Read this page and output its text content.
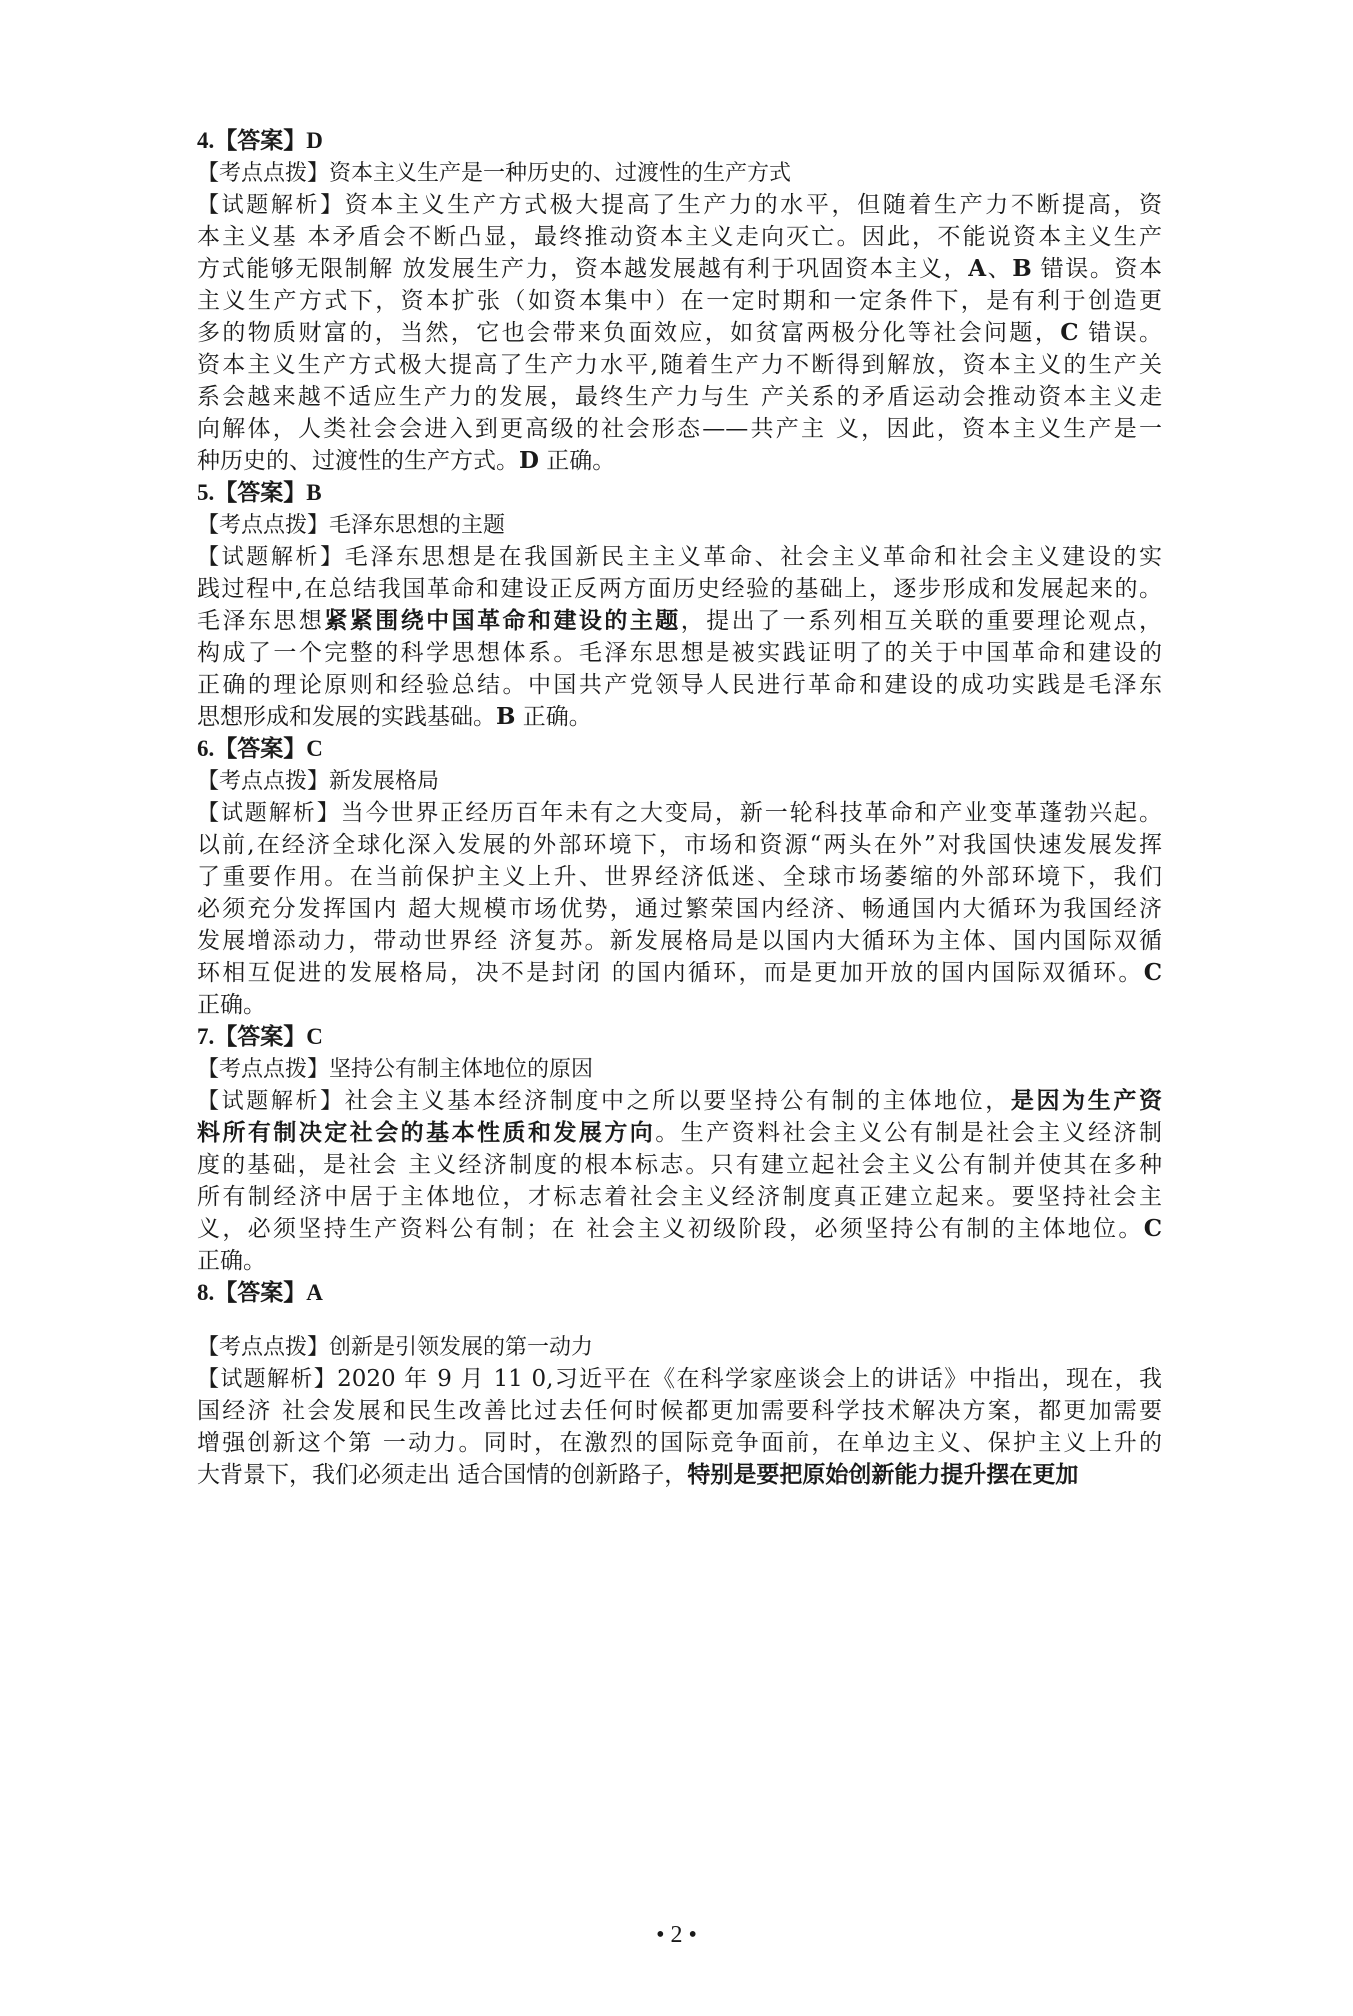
4.【答案】D
【考点点拨】资本主义生产是一种历史的、过渡性的生产方式
【试题解析】资本主义生产方式极大提高了生产力的水平，但随着生产力不断提高，资
本主义基 本矛盾会不断凸显，最终推动资本主义走向灭亡。因此，不能说资本主义生产
方式能够无限制解 放发展生产力，资本越发展越有利于巩固资本主义，A、B 错误。资本
主义生产方式下，资本扩张（如资本集中）在一定时期和一定条件下，是有利于创造更
多的物质财富的，当然，它也会带来负面效应，如贫富两极分化等社会问题，C 错误。
资本主义生产方式极大提高了生产力水平,随着生产力不断得到解放，资本主义的生产关
系会越来越不适应生产力的发展，最终生产力与生 产关系的矛盾运动会推动资本主义走
向解体，人类社会会进入到更高级的社会形态——共产主 义，因此，资本主义生产是一
种历史的、过渡性的生产方式。D 正确。
5.【答案】B
【考点点拨】毛泽东思想的主题
【试题解析】毛泽东思想是在我国新民主主义革命、社会主义革命和社会主义建设的实
践过程中,在总结我国革命和建设正反两方面历史经验的基础上，逐步形成和发展起来的。
毛泽东思想紧紧围绕中国革命和建设的主题，提出了一系列相互关联的重要理论观点，
构成了一个完整的科学思想体系。毛泽东思想是被实践证明了的关于中国革命和建设的
正确的理论原则和经验总结。中国共产党领导人民进行革命和建设的成功实践是毛泽东
思想形成和发展的实践基础。B 正确。
6.【答案】C
【考点点拨】新发展格局
【试题解析】当今世界正经历百年未有之大变局，新一轮科技革命和产业变革蓬勃兴起。
以前,在经济全球化深入发展的外部环境下，市场和资源“两头在外”对我国快速发展发挥
了重要作用。在当前保护主义上升、世界经济低迷、全球市场萎缩的外部环境下，我们
必须充分发挥国内 超大规模市场优势，通过繁荣国内经济、畅通国内大循环为我国经济
发展增添动力，带动世界经 济复苏。新发展格局是以国内大循环为主体、国内国际双循
环相互促进的发展格局，决不是封闭 的国内循环，而是更加开放的国内国际双循环。C
正确。
7.【答案】C
【考点点拨】坚持公有制主体地位的原因
【试题解析】社会主义基本经济制度中之所以要坚持公有制的主体地位，是因为生产资
料所有制决定社会的基本性质和发展方向。生产资料社会主义公有制是社会主义经济制
度的基础，是社会 主义经济制度的根本标志。只有建立起社会主义公有制并使其在多种
所有制经济中居于主体地位，才标志着社会主义经济制度真正建立起来。要坚持社会主
义，必须坚持生产资料公有制；在 社会主义初级阶段，必须坚持公有制的主体地位。C
正确。
8.【答案】A
【考点点拨】创新是引领发展的第一动力
【试题解析】2020 年 9 月 11 0,习近平在《在科学家座谈会上的讲话》中指出，现在，我
国经济 社会发展和民生改善比过去任何时候都更加需要科学技术解决方案，都更加需要
增强创新这个第 一动力。同时，在激烈的国际竞争面前，在单边主义、保护主义上升的
大背景下，我们必须走出 适合国情的创新路子，特别是要把原始创新能力提升摆在更加
• 2 •
